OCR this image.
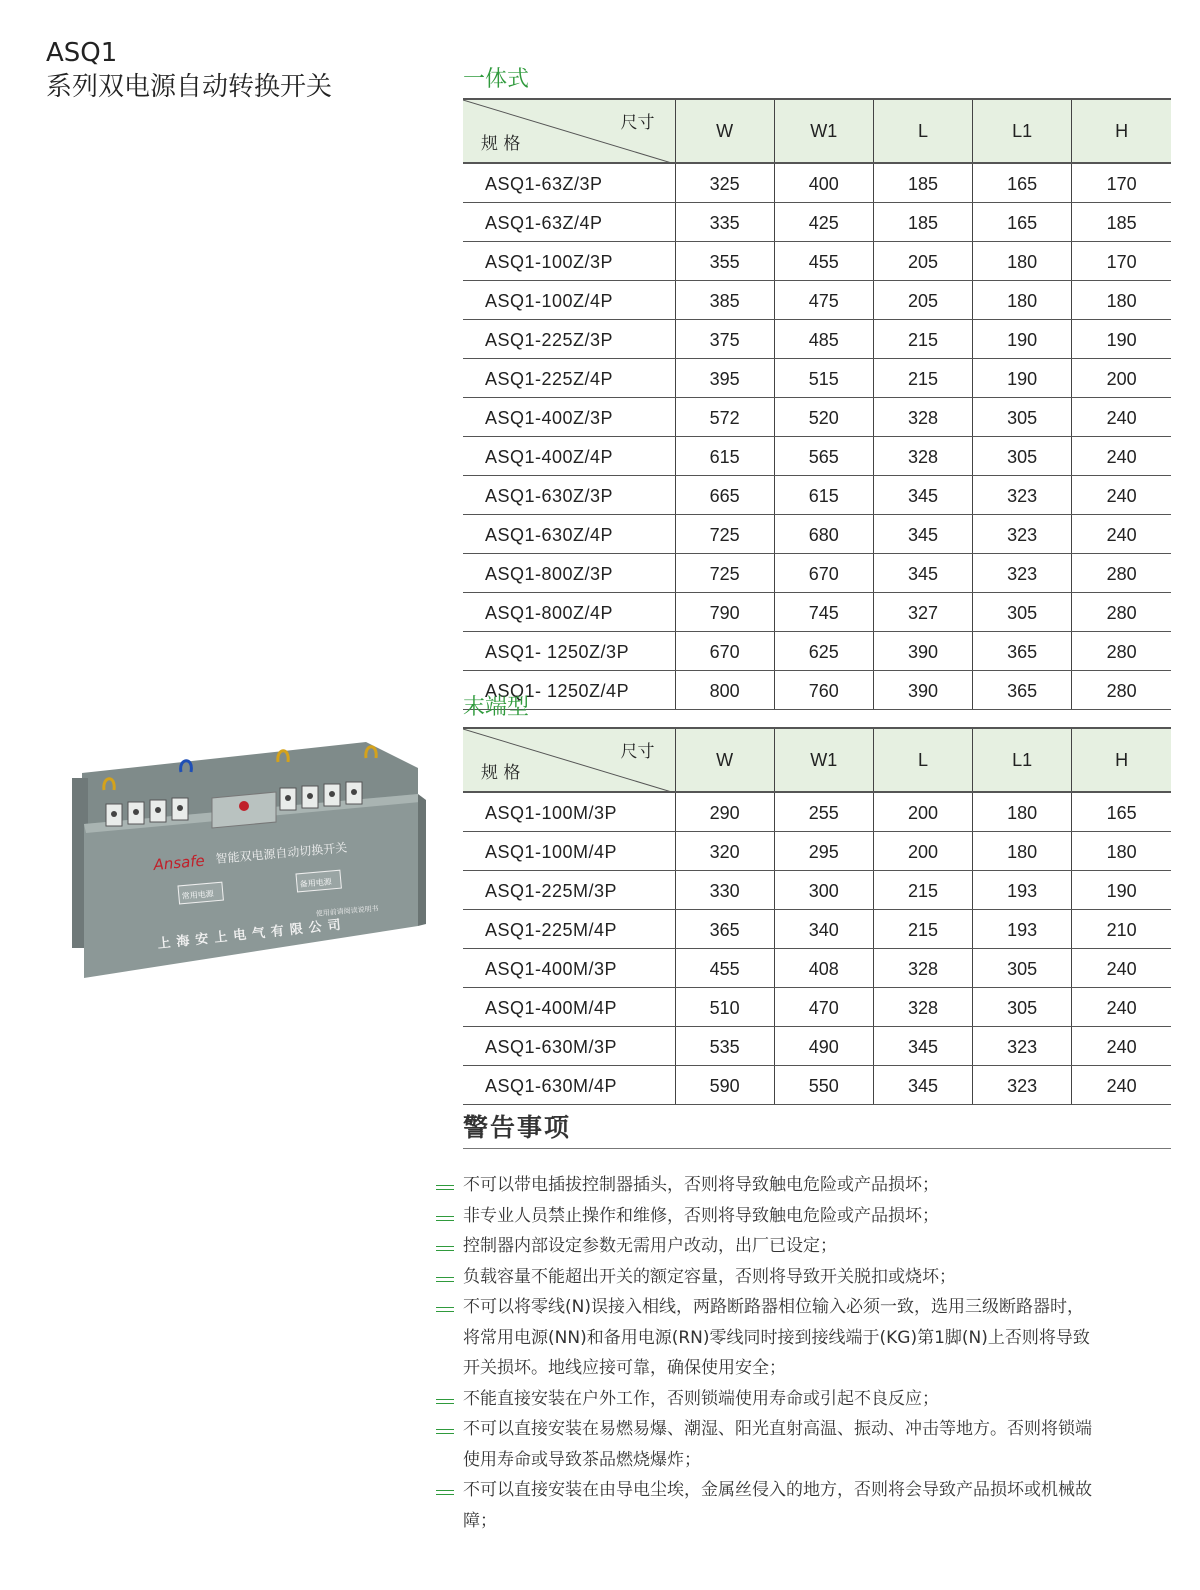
ASQ1
系列双电源自动转换开关
Ansafe 智能双电源自动切换开关
常用电源
备用电源
使用前请阅读说明书
上海安上电气有限公司
一体式
尺寸
规 格	W	W1	L	L1	H
ASQ1-63Z/3P	325	400	185	165	170
ASQ1-63Z/4P	335	425	185	165	185
ASQ1-100Z/3P	355	455	205	180	170
ASQ1-100Z/4P	385	475	205	180	180
ASQ1-225Z/3P	375	485	215	190	190
ASQ1-225Z/4P	395	515	215	190	200
ASQ1-400Z/3P	572	520	328	305	240
ASQ1-400Z/4P	615	565	328	305	240
ASQ1-630Z/3P	665	615	345	323	240
ASQ1-630Z/4P	725	680	345	323	240
ASQ1-800Z/3P	725	670	345	323	280
ASQ1-800Z/4P	790	745	327	305	280
ASQ1- 1250Z/3P	670	625	390	365	280
ASQ1- 1250Z/4P	800	760	390	365	280
末端型
尺寸
规 格	W	W1	L	L1	H
ASQ1-100M/3P	290	255	200	180	165
ASQ1-100M/4P	320	295	200	180	180
ASQ1-225M/3P	330	300	215	193	190
ASQ1-225M/4P	365	340	215	193	210
ASQ1-400M/3P	455	408	328	305	240
ASQ1-400M/4P	510	470	328	305	240
ASQ1-630M/3P	535	490	345	323	240
ASQ1-630M/4P	590	550	345	323	240
警告事项
不可以带电插拔控制器插头，否则将导致触电危险或产品损坏；
非专业人员禁止操作和维修，否则将导致触电危险或产品损坏；
控制器内部设定参数无需用户改动，出厂已设定；
负载容量不能超出开关的额定容量，否则将导致开关脱扣或烧坏；
不可以将零线(N)误接入相线，两路断路器相位输入必须一致，选用三级断路器时，
将常用电源(NN)和备用电源(RN)零线同时接到接线端于(KG)第1脚(N)上否则将导致
开关损坏。地线应接可靠，确保使用安全；
不能直接安装在户外工作，否则锁端使用寿命或引起不良反应；
不可以直接安装在易燃易爆、潮湿、阳光直射高温、振动、冲击等地方。否则将锁端
使用寿命或导致茶品燃烧爆炸；
不可以直接安装在由导电尘埃，金属丝侵入的地方，否则将会导致产品损坏或机械故
障；
